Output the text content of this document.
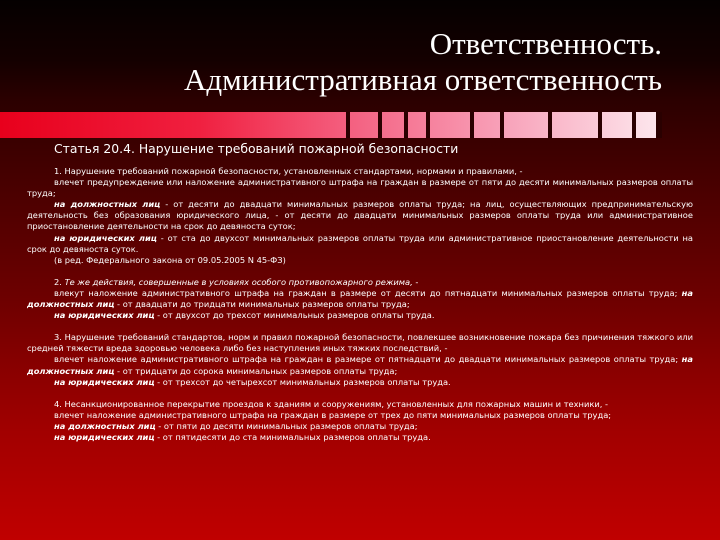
Ответственность.
Административная ответственность
Статья 20.4. Нарушение требований пожарной безопасности

1. Нарушение требований пожарной безопасности, установленных стандартами, нормами и правилами, -

влечет предупреждение или наложение административного штрафа на граждан в размере от пяти до десяти минимальных размеров оплаты труда;

на должностных лиц - от десяти до двадцати минимальных размеров оплаты труда; на лиц, осуществляющих предпринимательскую деятельность без образования юридического лица, - от десяти до двадцати минимальных размеров оплаты труда или административное приостановление деятельности на срок до девяноста суток;

на юридических лиц - от ста до двухсот минимальных размеров оплаты труда или административное приостановление деятельности на срок до девяноста суток.

(в ред. Федерального закона от 09.05.2005 N 45-ФЗ)

2. Те же действия, совершенные в условиях особого противопожарного режима, -

влекут наложение административного штрафа на граждан в размере от десяти до пятнадцати минимальных размеров оплаты труда; на должностных лиц - от двадцати до тридцати минимальных размеров оплаты труда;

на юридических лиц - от двухсот до трехсот минимальных размеров оплаты труда.

3. Нарушение требований стандартов, норм и правил пожарной безопасности, повлекшее возникновение пожара без причинения тяжкого или средней тяжести вреда здоровью человека либо без наступления иных тяжких последствий, -

влечет наложение административного штрафа на граждан в размере от пятнадцати до двадцати минимальных размеров оплаты труда; на должностных лиц - от тридцати до сорока минимальных размеров оплаты труда;

на юридических лиц - от трехсот до четырехсот минимальных размеров оплаты труда.

4. Несанкционированное перекрытие проездов к зданиям и сооружениям, установленных для пожарных машин и техники, -

влечет наложение административного штрафа на граждан в размере от трех до пяти минимальных размеров оплаты труда;

на должностных лиц - от пяти до десяти минимальных размеров оплаты труда;

на юридических лиц - от пятидесяти до ста минимальных размеров оплаты труда.
